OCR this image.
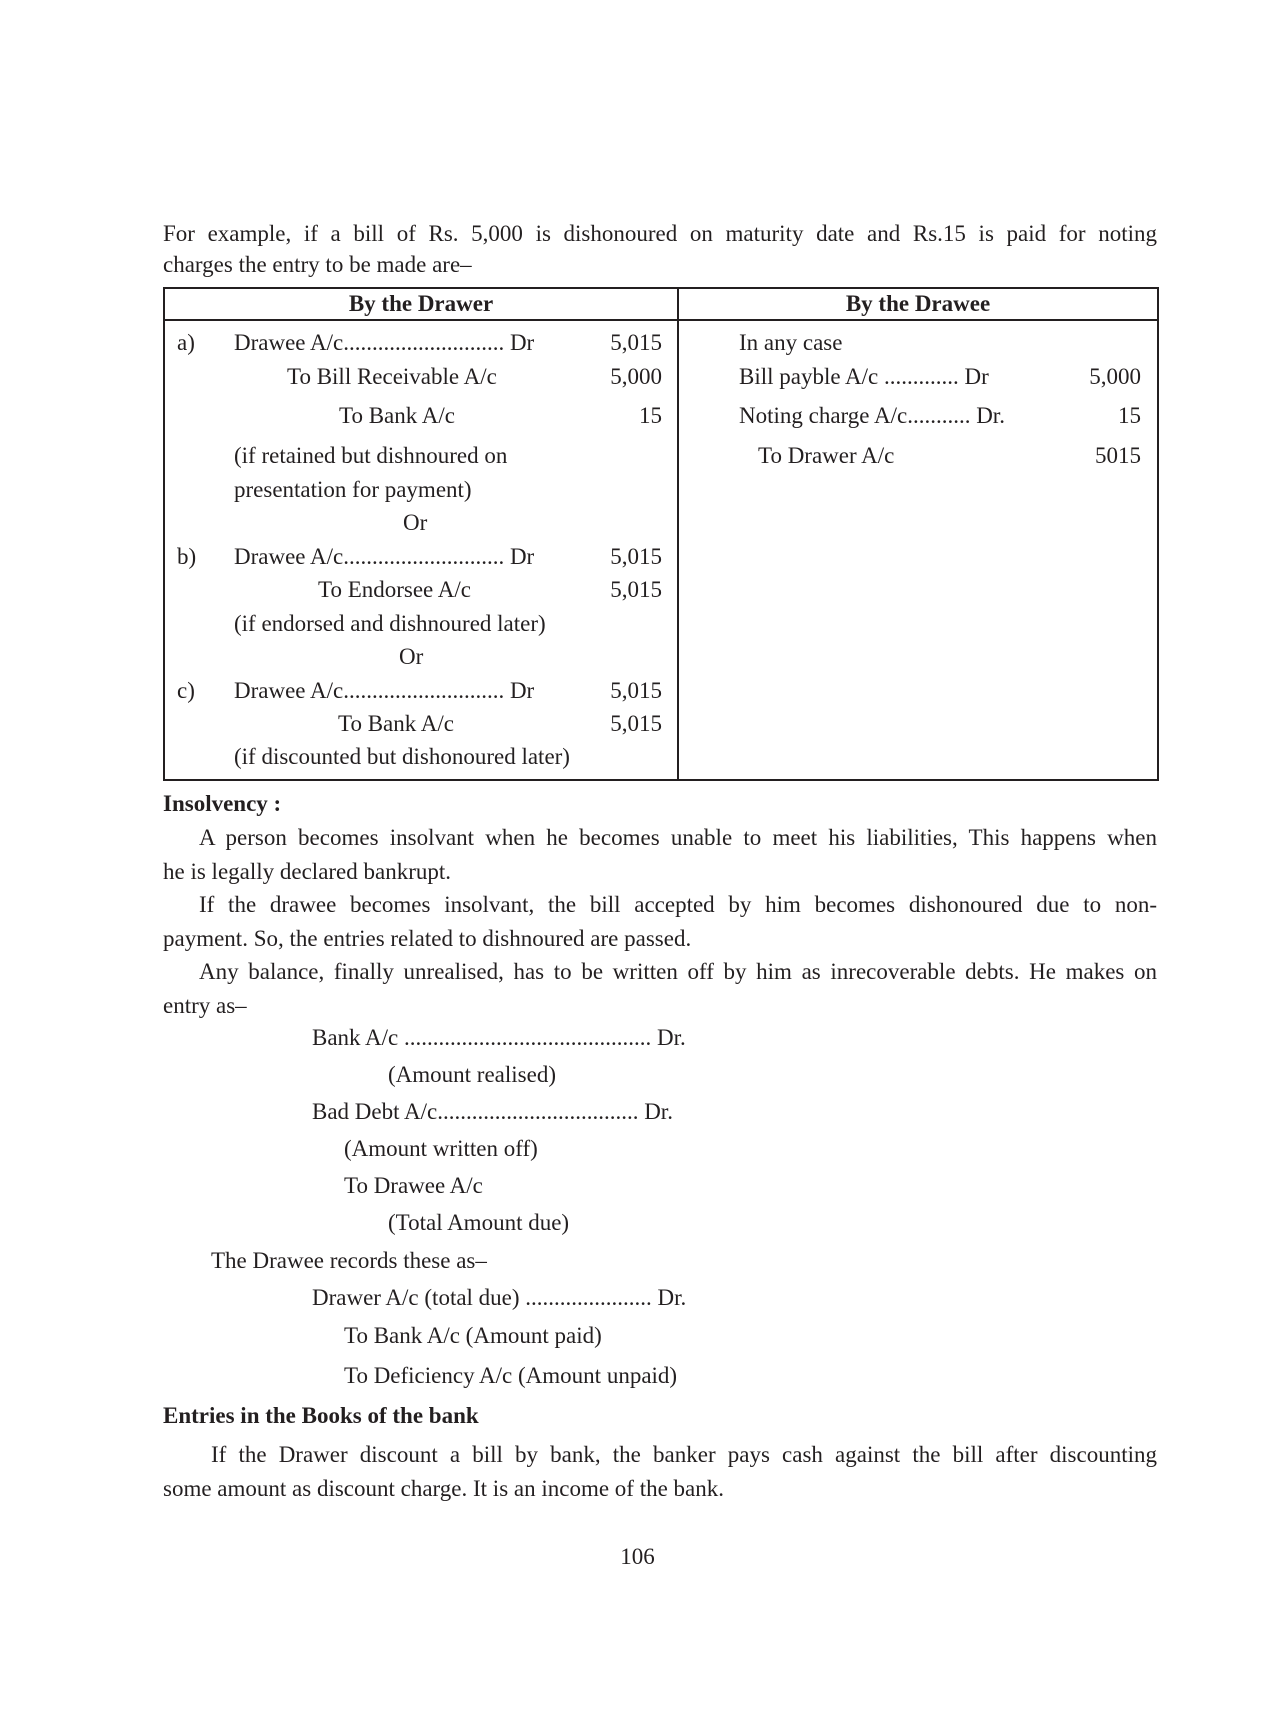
For example, if a bill of Rs. 5,000 is dishonoured on maturity date and Rs.15 is paid for noting
charges the entry to be made are–
By the Drawer	By the Drawee
a) Drawee A/c............................ Dr	5,015
To Bill Receivable A/c	5,000
To Bank A/c	15
(if retained but dishnoured on
presentation for payment)
Or
b) Drawee A/c............................ Dr	5,015
To Endorsee A/c	5,015
(if endorsed and dishnoured later)
Or
c) Drawee A/c............................ Dr	5,015
To Bank A/c	5,015
(if discounted but dishonoured later)
In any case
Bill payble A/c ............. Dr	5,000
Noting charge A/c........... Dr.	15
To Drawer A/c	5015
Insolvency :
A person becomes insolvant when he becomes unable to meet his liabilities, This happens when
he is legally declared bankrupt.
If the drawee becomes insolvant, the bill accepted by him becomes dishonoured due to non-
payment. So, the entries related to dishnoured are passed.
Any balance, finally unrealised, has to be written off by him as inrecoverable debts. He makes on
entry as–
Bank A/c ........................................... Dr.
(Amount realised)
Bad Debt A/c................................... Dr.
(Amount written off)
To Drawee A/c
(Total Amount due)
The Drawee records these as–
Drawer A/c (total due) ...................... Dr.
To Bank A/c (Amount paid)
To Deficiency A/c (Amount unpaid)
Entries in the Books of the bank
If the Drawer discount a bill by bank, the banker pays cash against the bill after discounting
some amount as discount charge. It is an income of the bank.
106
